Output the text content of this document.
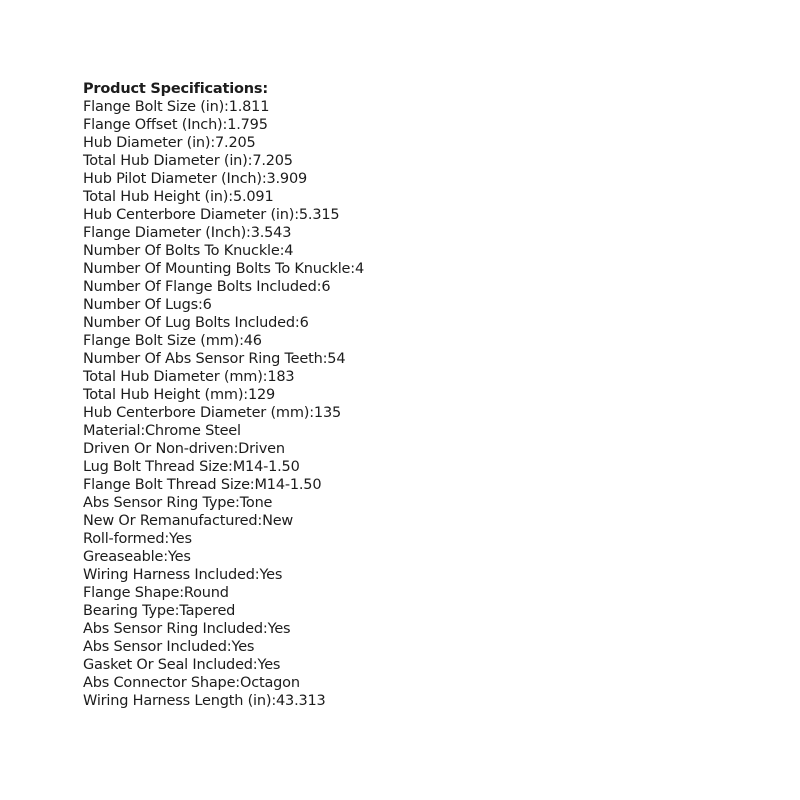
Product Specifications:
Flange Bolt Size (in):1.811
Flange Offset (Inch):1.795
Hub Diameter (in):7.205
Total Hub Diameter (in):7.205
Hub Pilot Diameter (Inch):3.909
Total Hub Height (in):5.091
Hub Centerbore Diameter (in):5.315
Flange Diameter (Inch):3.543
Number Of Bolts To Knuckle:4
Number Of Mounting Bolts To Knuckle:4
Number Of Flange Bolts Included:6
Number Of Lugs:6
Number Of Lug Bolts Included:6
Flange Bolt Size (mm):46
Number Of Abs Sensor Ring Teeth:54
Total Hub Diameter (mm):183
Total Hub Height (mm):129
Hub Centerbore Diameter (mm):135
Material:Chrome Steel
Driven Or Non-driven:Driven
Lug Bolt Thread Size:M14-1.50
Flange Bolt Thread Size:M14-1.50
Abs Sensor Ring Type:Tone
New Or Remanufactured:New
Roll-formed:Yes
Greaseable:Yes
Wiring Harness Included:Yes
Flange Shape:Round
Bearing Type:Tapered
Abs Sensor Ring Included:Yes
Abs Sensor Included:Yes
Gasket Or Seal Included:Yes
Abs Connector Shape:Octagon
Wiring Harness Length (in):43.313
